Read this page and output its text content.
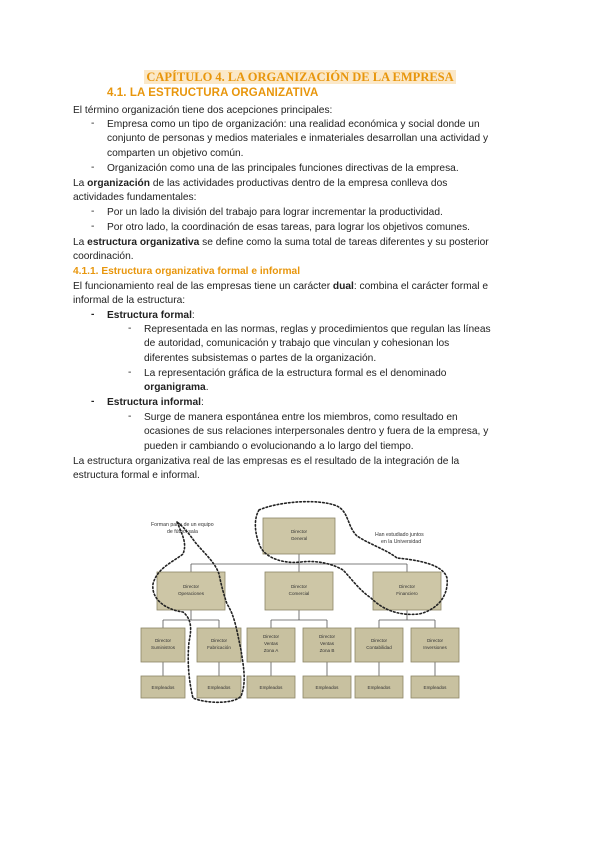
CAPÍTULO 4. LA ORGANIZACIÓN DE LA EMPRESA
4.1. LA ESTRUCTURA ORGANIZATIVA
El término organización tiene dos acepciones principales:
- Empresa como un tipo de organización: una realidad económica y social donde un
conjunto de personas y medios materiales e inmateriales desarrollan una actividad y
comparten un objetivo común.
- Organización como una de las principales funciones directivas de la empresa.
La organización de las actividades productivas dentro de la empresa conlleva dos
actividades fundamentales:
- Por un lado la división del trabajo para lograr incrementar la productividad.
- Por otro lado, la coordinación de esas tareas, para lograr los objetivos comunes.
La estructura organizativa se define como la suma total de tareas diferentes y su posterior
coordinación.
4.1.1. Estructura organizativa formal e informal
El funcionamiento real de las empresas tiene un carácter dual: combina el carácter formal e
informal de la estructura:
- Estructura formal:
- Representada en las normas, reglas y procedimientos que regulan las líneas
de autoridad, comunicación y trabajo que vinculan y cohesionan los
diferentes subsistemas o partes de la organización.
- La representación gráfica de la estructura formal es el denominado
organigrama.
- Estructura informal:
- Surge de manera espontánea entre los miembros, como resultado en
ocasiones de sus relaciones interpersonales dentro y fuera de la empresa, y
pueden ir cambiando o evolucionando a lo largo del tiempo.
La estructura organizativa real de las empresas es el resultado de la integración de la
estructura formal e informal.
Director
General
Director
Operaciones
Director
Comercial
Director
Financiero
Director
Suministros
Director
Fabricación
Director
Ventas
Zona A
Director
Ventas
Zona B
Director
Contabilidad
Director
Inversiones
Empleados	Empleados	Empleados	Empleados	Empleados	Empleados
Forman parte de un equipo
de fútbol sala	Han estudiado juntos
en la Universidad
